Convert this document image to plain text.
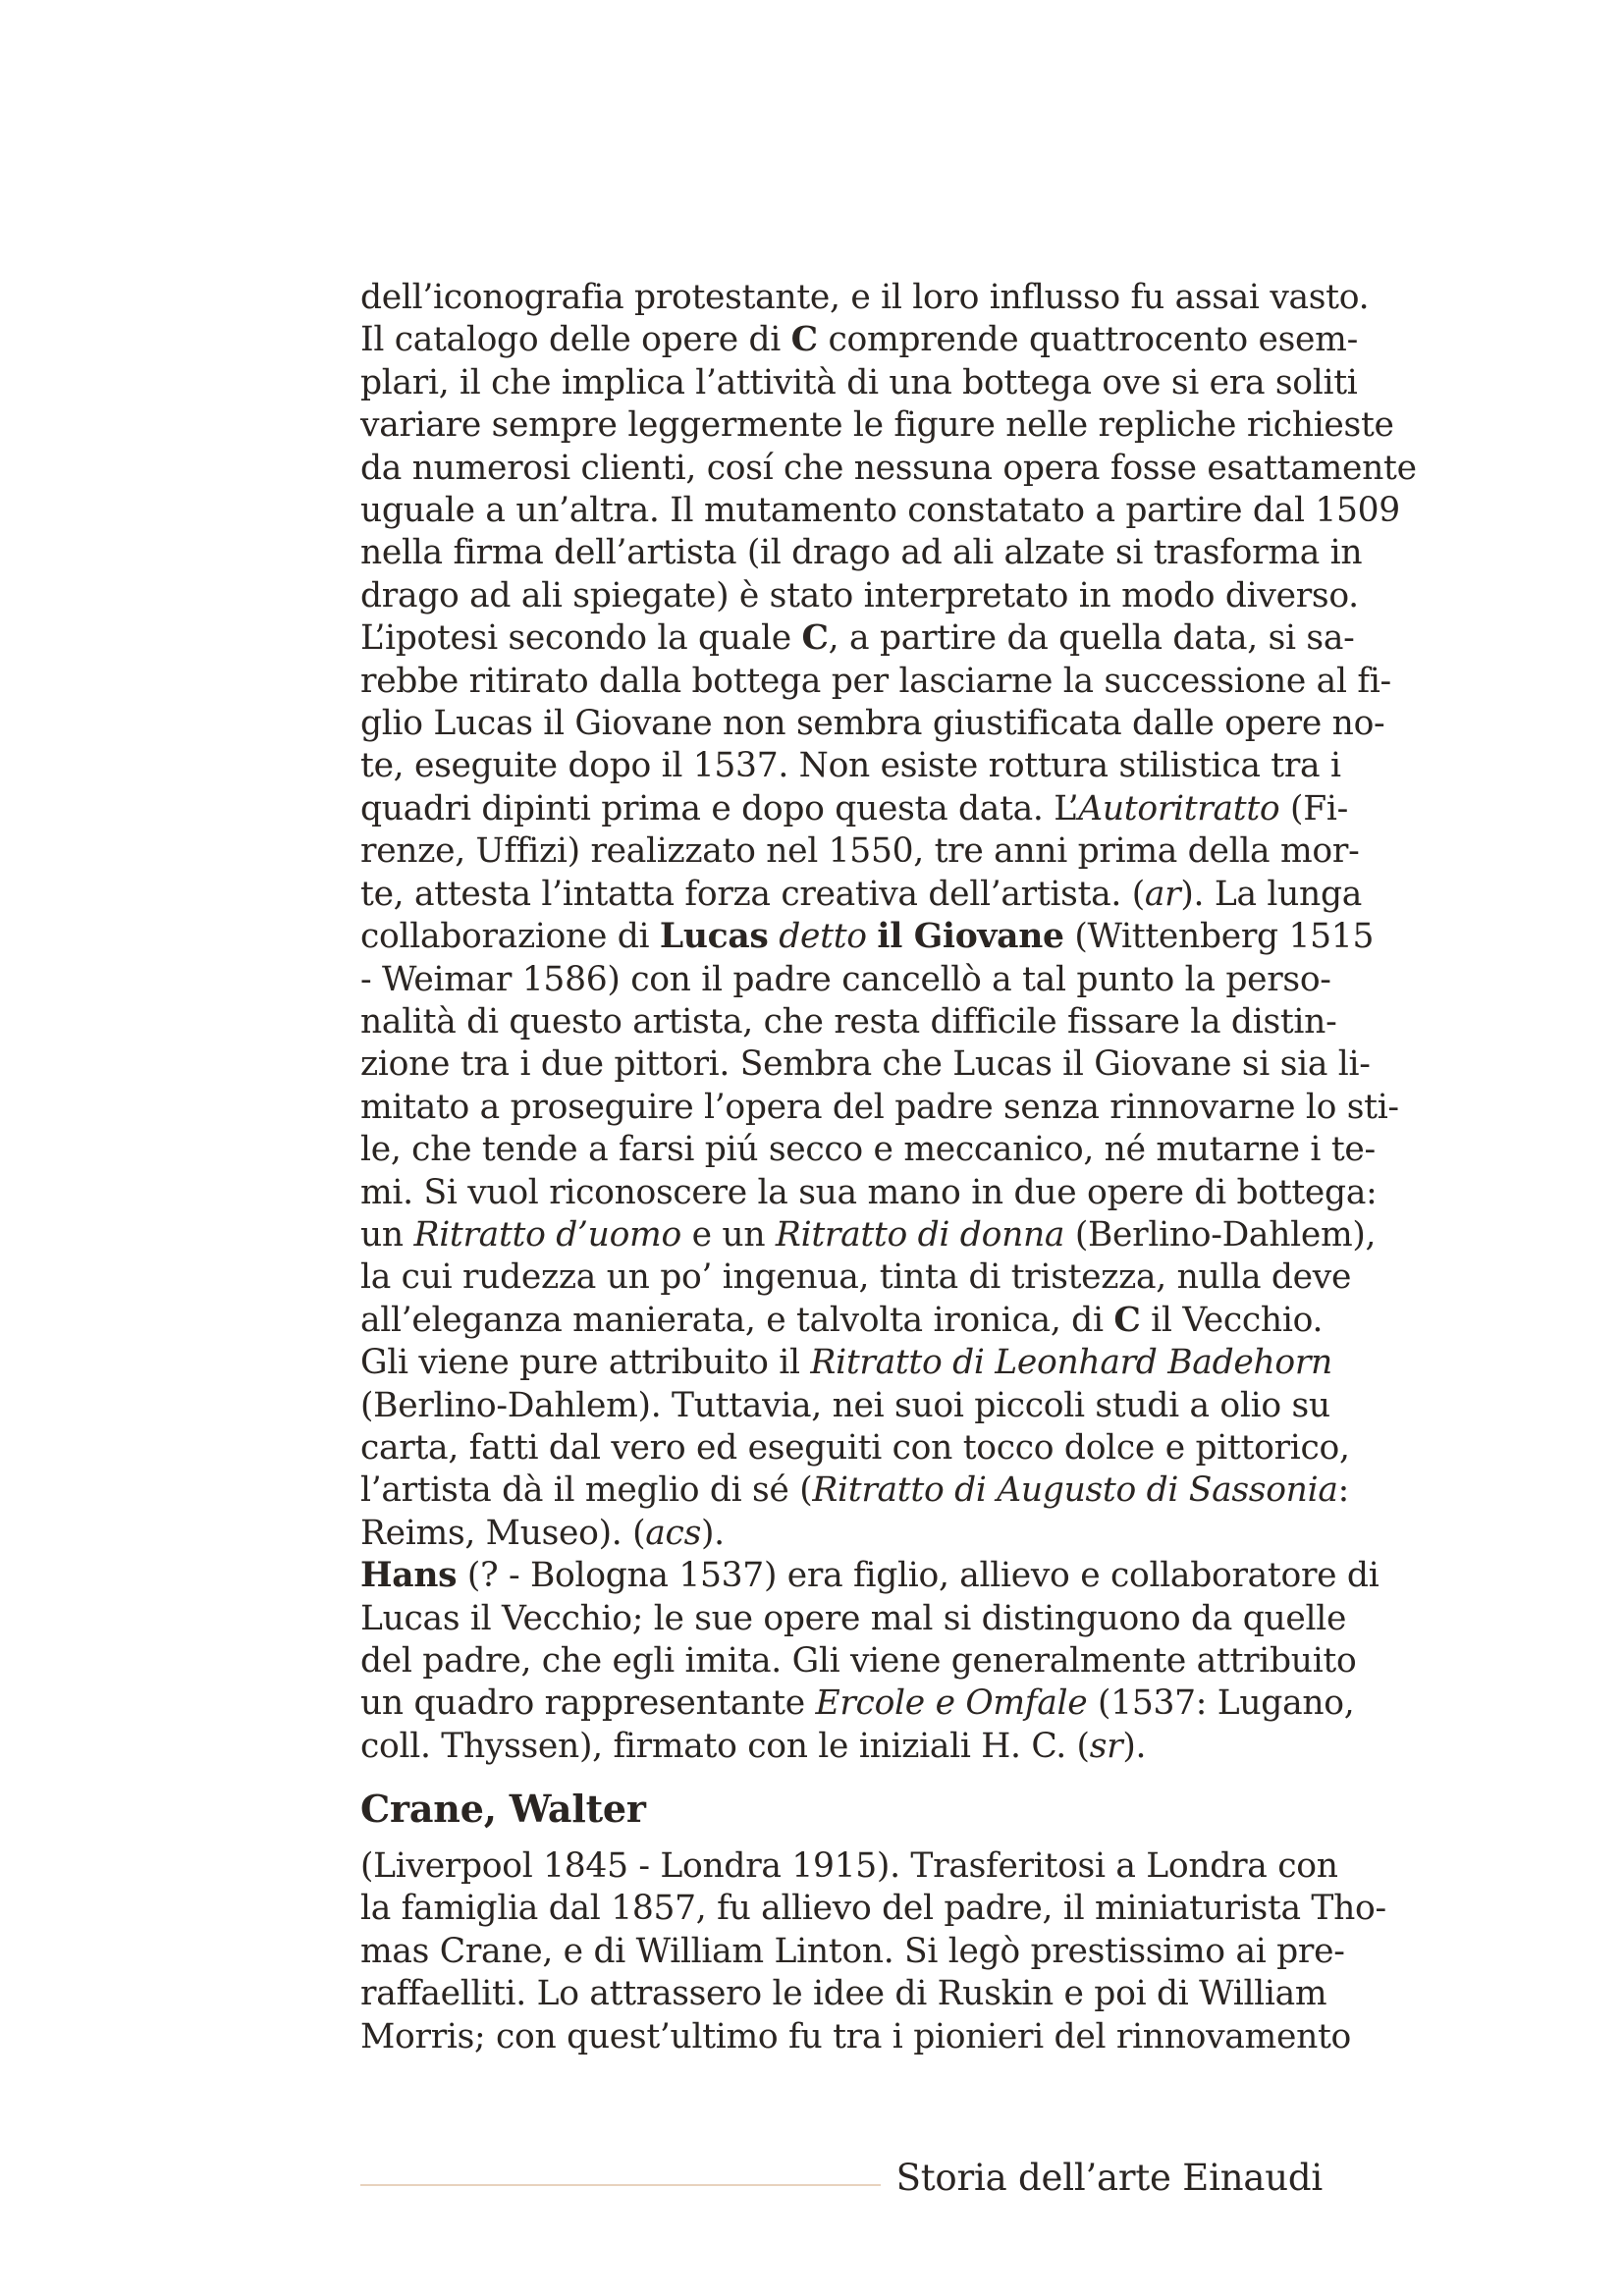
dell’iconografia protestante, e il loro influsso fu assai vasto.
Il catalogo delle opere di C comprende quattrocento esem-
plari, il che implica l’attività di una bottega ove si era soliti
variare sempre leggermente le figure nelle repliche richieste
da numerosi clienti, cosí che nessuna opera fosse esattamente
uguale a un’altra. Il mutamento constatato a partire dal 1509
nella firma dell’artista (il drago ad ali alzate si trasforma in
drago ad ali spiegate) è stato interpretato in modo diverso.
L’ipotesi secondo la quale C, a partire da quella data, si sa-
rebbe ritirato dalla bottega per lasciarne la successione al fi-
glio Lucas il Giovane non sembra giustificata dalle opere no-
te, eseguite dopo il 1537. Non esiste rottura stilistica tra i
quadri dipinti prima e dopo questa data. L’Autoritratto (Fi-
renze, Uffizi) realizzato nel 1550, tre anni prima della mor-
te, attesta l’intatta forza creativa dell’artista. (ar). La lunga
collaborazione di Lucas detto il Giovane (Wittenberg 1515
- Weimar 1586) con il padre cancellò a tal punto la perso-
nalità di questo artista, che resta difficile fissare la distin-
zione tra i due pittori. Sembra che Lucas il Giovane si sia li-
mitato a proseguire l’opera del padre senza rinnovarne lo sti-
le, che tende a farsi piú secco e meccanico, né mutarne i te-
mi. Si vuol riconoscere la sua mano in due opere di bottega:
un Ritratto d’uomo e un Ritratto di donna (Berlino-Dahlem),
la cui rudezza un po’ ingenua, tinta di tristezza, nulla deve
all’eleganza manierata, e talvolta ironica, di C il Vecchio.
Gli viene pure attribuito il Ritratto di Leonhard Badehorn
(Berlino-Dahlem). Tuttavia, nei suoi piccoli studi a olio su
carta, fatti dal vero ed eseguiti con tocco dolce e pittorico,
l’artista dà il meglio di sé (Ritratto di Augusto di Sassonia:
Reims, Museo). (acs).
Hans (? - Bologna 1537) era figlio, allievo e collaboratore di
Lucas il Vecchio; le sue opere mal si distinguono da quelle
del padre, che egli imita. Gli viene generalmente attribuito
un quadro rappresentante Ercole e Omfale (1537: Lugano,
coll. Thyssen), firmato con le iniziali H. C. (sr).
Crane, Walter
(Liverpool 1845 - Londra 1915). Trasferitosi a Londra con
la famiglia dal 1857, fu allievo del padre, il miniaturista Tho-
mas Crane, e di William Linton. Si legò prestissimo ai pre-
raffaelliti. Lo attrassero le idee di Ruskin e poi di William
Morris; con quest’ultimo fu tra i pionieri del rinnovamento
Storia dell’arte Einaudi
